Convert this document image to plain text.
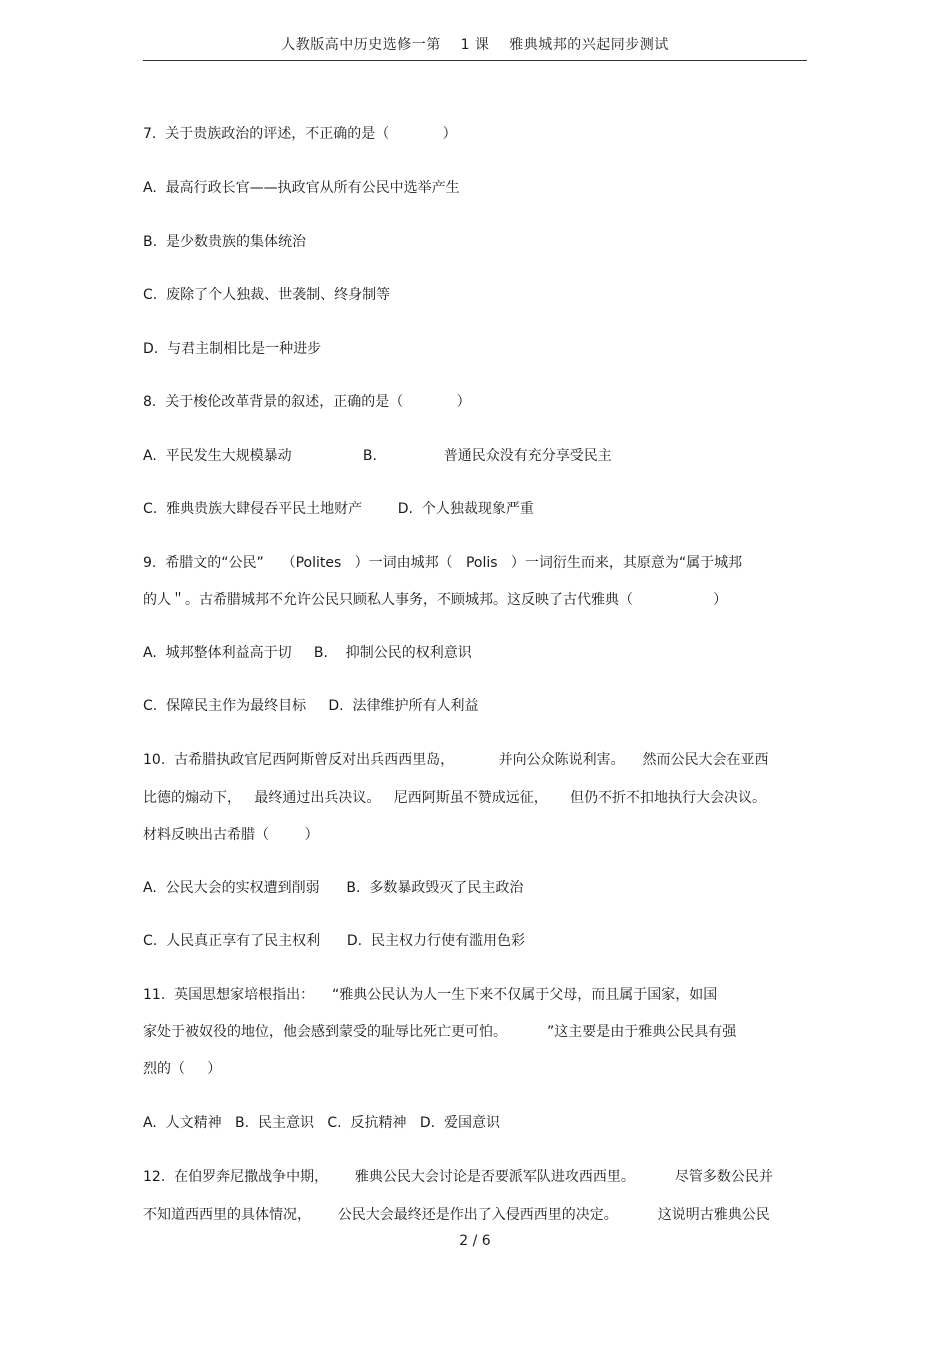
人教版高中历史选修一第    1 课    雅典城邦的兴起同步测试
7.  关于贵族政治的评述，不正确的是（            ）
A.  最高行政长官——执政官从所有公民中选举产生
B.  是少数贵族的集体统治
C.  废除了个人独裁、世袭制、终身制等
D.  与君主制相比是一种进步
8.  关于梭伦改革背景的叙述，正确的是（            ）
A.  平民发生大规模暴动                B.               普通民众没有充分享受民主
C.  雅典贵族大肆侵吞平民土地财产        D.  个人独裁现象严重
9.  希腊文的“公民”    （Polites   ）一词由城邦（   Polis   ）一词衍生而来，其原意为“属于城邦
的人＂。古希腊城邦不允许公民只顾私人事务，不顾城邦。这反映了古代雅典（                  ）
A.  城邦整体利益高于切     B.    抑制公民的权利意识
C.  保障民主作为最终目标     D.  法律维护所有人利益
10.  古希腊执政官尼西阿斯曾反对出兵西西里岛，          并向公众陈说利害。    然而公民大会在亚西
比德的煽动下，   最终通过出兵决议。   尼西阿斯虽不赞成远征，     但仍不折不扣地执行大会决议。
材料反映出古希腊（        ）
A.  公民大会的实权遭到削弱      B.  多数暴政毁灭了民主政治
C.  人民真正享有了民主权利      D.  民主权力行使有滥用色彩
11.  英国思想家培根指出：    “雅典公民认为人一生下来不仅属于父母，而且属于国家，如国
家处于被奴役的地位，他会感到蒙受的耻辱比死亡更可怕。         ”这主要是由于雅典公民具有强
烈的（     ）
A.  人文精神   B.  民主意识   C.  反抗精神   D.  爱国意识
12.  在伯罗奔尼撒战争中期，      雅典公民大会讨论是否要派军队进攻西西里。         尽管多数公民并
不知道西西里的具体情况，      公民大会最终还是作出了入侵西西里的决定。         这说明古雅典公民
2 / 6
